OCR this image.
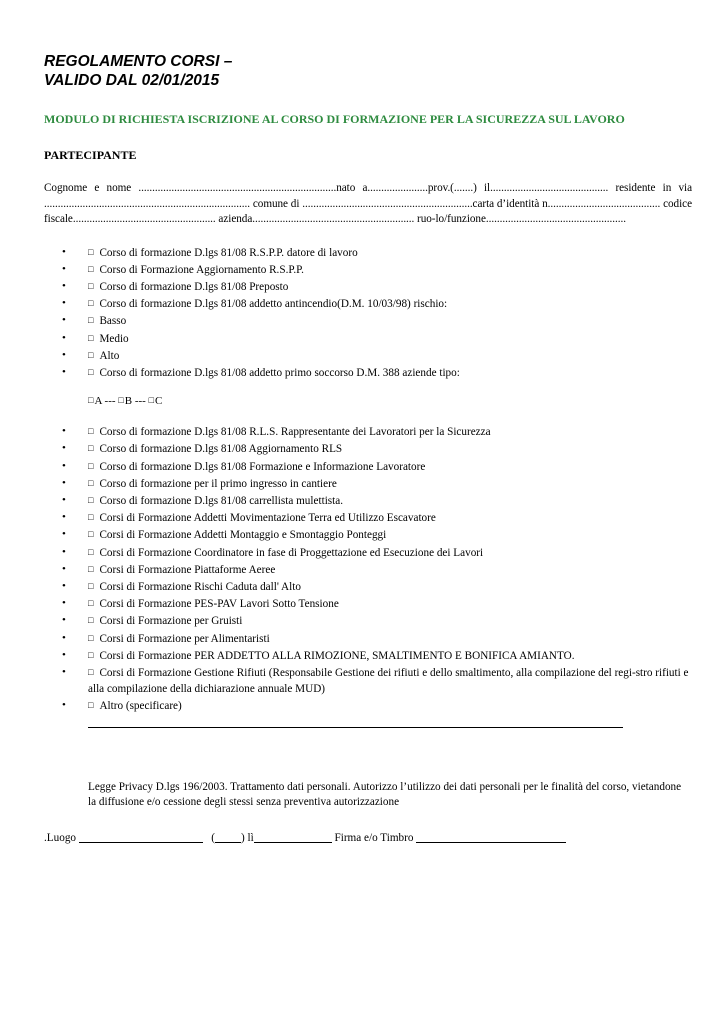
REGOLAMENTO CORSI –
VALIDO DAL 02/01/2015
MODULO DI RICHIESTA ISCRIZIONE AL CORSO DI FORMAZIONE PER LA SICUREZZA SUL LAVORO
PARTECIPANTE
Cognome e nome ........................................................................nato a......................prov.(.......) il........................................... residente in via ........................................................................... comune di ..............................................................carta d’identità n......................................... codice fiscale.................................................... azienda........................................................... ruo-lo/funzione...................................................
• □ Corso di formazione D.lgs 81/08 R.S.P.P. datore di lavoro
• □ Corso di Formazione Aggiornamento R.S.P.P.
• □ Corso di formazione D.lgs 81/08 Preposto
• □ Corso di formazione D.lgs 81/08 addetto antincendio(D.M. 10/03/98) rischio:
• □ Basso
• □ Medio
• □ Alto
• □ Corso di formazione D.lgs 81/08 addetto primo soccorso D.M. 388 aziende tipo:
□A --- □B --- □C
• □ Corso di formazione D.lgs 81/08 R.L.S. Rappresentante dei Lavoratori per la Sicurezza
• □ Corso di formazione D.lgs 81/08 Aggiornamento RLS
• □ Corso di formazione D.lgs 81/08 Formazione e Informazione Lavoratore
• □ Corso di formazione per il primo ingresso in cantiere
• □ Corso di formazione D.lgs 81/08 carrellista mulettista.
• □ Corsi di Formazione Addetti Movimentazione Terra ed Utilizzo Escavatore
• □ Corsi di Formazione Addetti Montaggio e Smontaggio Ponteggi
• □ Corsi di Formazione Coordinatore in fase di Proggettazione ed Esecuzione dei Lavori
• □ Corsi di Formazione Piattaforme Aeree
• □ Corsi di Formazione Rischi Caduta dall' Alto
• □ Corsi di Formazione PES-PAV Lavori Sotto Tensione
• □ Corsi di Formazione per Gruisti
• □ Corsi di Formazione per Alimentaristi
• □ Corsi di Formazione PER ADDETTO ALLA RIMOZIONE, SMALTIMENTO E BONIFICA AMIANTO.
• □ Corsi di Formazione Gestione Rifiuti (Responsabile Gestione dei rifiuti e dello smaltimento, alla compilazione del regi-stro rifiuti e alla compilazione della dichiarazione annuale MUD)
• □ Altro (specificare)
Legge Privacy D.lgs 196/2003. Trattamento dati personali. Autorizzo l’utilizzo dei dati personali per le finalità del corso, vietandone la diffusione e/o cessione degli stessi senza preventiva autorizzazione
.Luogo	( ) lì	Firma e/o Timbro
